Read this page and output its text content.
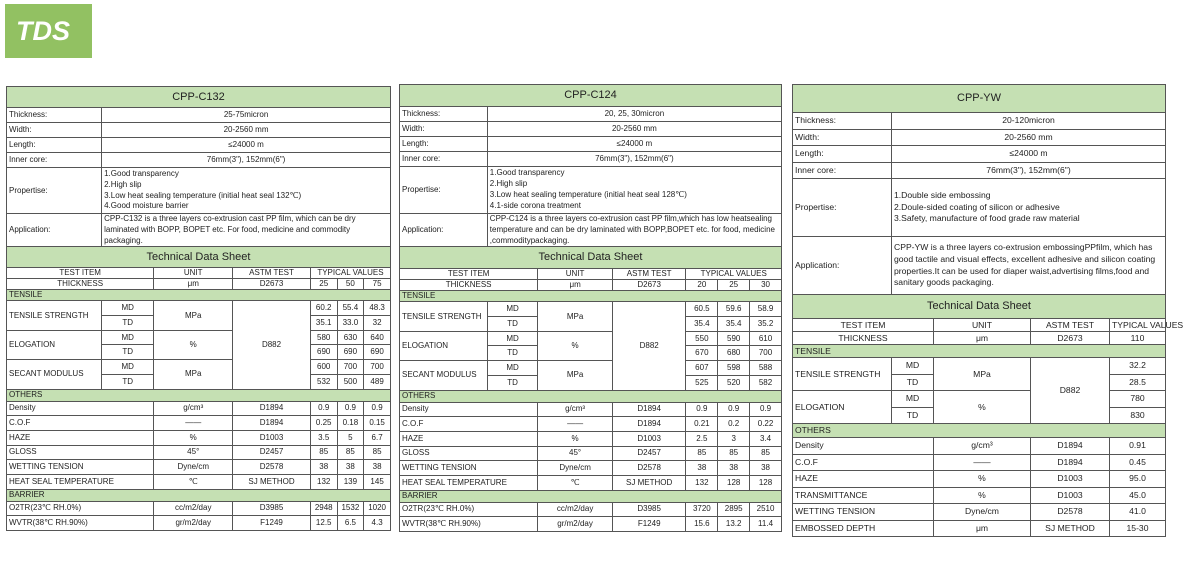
TDS
CPP-C132						
Thickness:	25-75micron					
Width:	20-2560 mm					
Length:	≤24000 m					
Inner core:	76mm(3"), 152mm(6")					
Propertise:	1.Good transparency
2.High slip
3.Low heat sealing temperature (initial heat seal 132℃)
4.Good moisture barrier					

Application:	CPP-C132 is a three layers co-extrusion cast PP film, which can be dry laminated with BOPP, BOPET etc. For food, medicine and commodity packaging.					
Technical Data Sheet						
TEST ITEM		UNIT	ASTM TEST	TYPICAL VALUES		
THICKNESS		μm	D2673	25	50	75
TENSILE						
TENSILE STRENGTH	MD	MPa	D882	60.2	55.4	48.3
	TD			35.1	33.0	32
ELOGATION	MD	%		580	630	640
	TD			690	690	690
SECANT MODULUS	MD	MPa		600	700	700
	TD			532	500	489
OTHERS						
Density		g/cm³	D1894	0.9	0.9	0.9
C.O.F		——	D1894	0.25	0.18	0.15
HAZE		%	D1003	3.5	5	6.7
GLOSS		45°	D2457	85	85	85
WETTING TENSION		Dyne/cm	D2578	38	38	38
HEAT SEAL TEMPERATURE		℃	SJ METHOD	132	139	145
BARRIER						
O2TR(23℃ RH.0%)		cc/m2/day	D3985	2948	1532	1020
WVTR(38℃ RH.90%)		gr/m2/day	F1249	12.5	6.5	4.3
CPP-C124						
Thickness:	20, 25, 30micron					
Width:	20-2560 mm					
Length:	≤24000 m					
Inner core:	76mm(3"), 152mm(6")					
Propertise:	1.Good transparency
2.High slip
3.Low heat sealing temperature (initial heat seal 128℃)
4.1-side corona treatment					

Application:	CPP-C124 is a three layers co-extrusion cast PP film,which has low heatsealing temperature and can be dry laminated with BOPP,BOPET etc. for food, medicine ,commoditypackaging.					
Technical Data Sheet						
TEST ITEM		UNIT	ASTM TEST	TYPICAL VALUES		
THICKNESS		μm	D2673	20	25	30
TENSILE						
TENSILE STRENGTH	MD	MPa	D882	60.5	59.6	58.9
	TD			35.4	35.4	35.2
ELOGATION	MD	%		550	590	610
	TD			670	680	700
SECANT MODULUS	MD	MPa		607	598	588
	TD			525	520	582
OTHERS						
Density		g/cm³	D1894	0.9	0.9	0.9
C.O.F		——	D1894	0.21	0.2	0.22
HAZE		%	D1003	2.5	3	3.4
GLOSS		45°	D2457	85	85	85
WETTING TENSION		Dyne/cm	D2578	38	38	38
HEAT SEAL TEMPERATURE		℃	SJ METHOD	132	128	128
BARRIER						
O2TR(23℃ RH.0%)		cc/m2/day	D3985	3720	2895	2510
WVTR(38℃ RH.90%)		gr/m2/day	F1249	15.6	13.2	11.4
CPP-YW				
Thickness:	20-120micron			
Width:	20-2560 mm			
Length:	≤24000 m			
Inner core:	76mm(3"), 152mm(6")			
Propertise:	1.Double side embossing
2.Doule-sided coating of silicon or adhesive
3.Safety, manufacture of food grade raw material			

Application:	CPP-YW is a three layers co-extrusion embossingPPfilm, which has good tactile and visual effects, excellent adhesive and silicon coating properties.It can be used for diaper waist,advertising films,food and sanitary goods packaging.			
Technical Data Sheet				
TEST ITEM		UNIT	ASTM TEST	TYPICAL VALUES
THICKNESS		μm	D2673	110
TENSILE				
TENSILE STRENGTH	MD	MPa	D882	32.2
	TD			28.5
ELOGATION	MD	%		780
	TD			830
OTHERS				
Density		g/cm³	D1894	0.91
C.O.F		——	D1894	0.45
HAZE		%	D1003	95.0
TRANSMITTANCE		%	D1003	45.0
WETTING TENSION		Dyne/cm	D2578	41.0
EMBOSSED DEPTH		μm	SJ METHOD	15-30
